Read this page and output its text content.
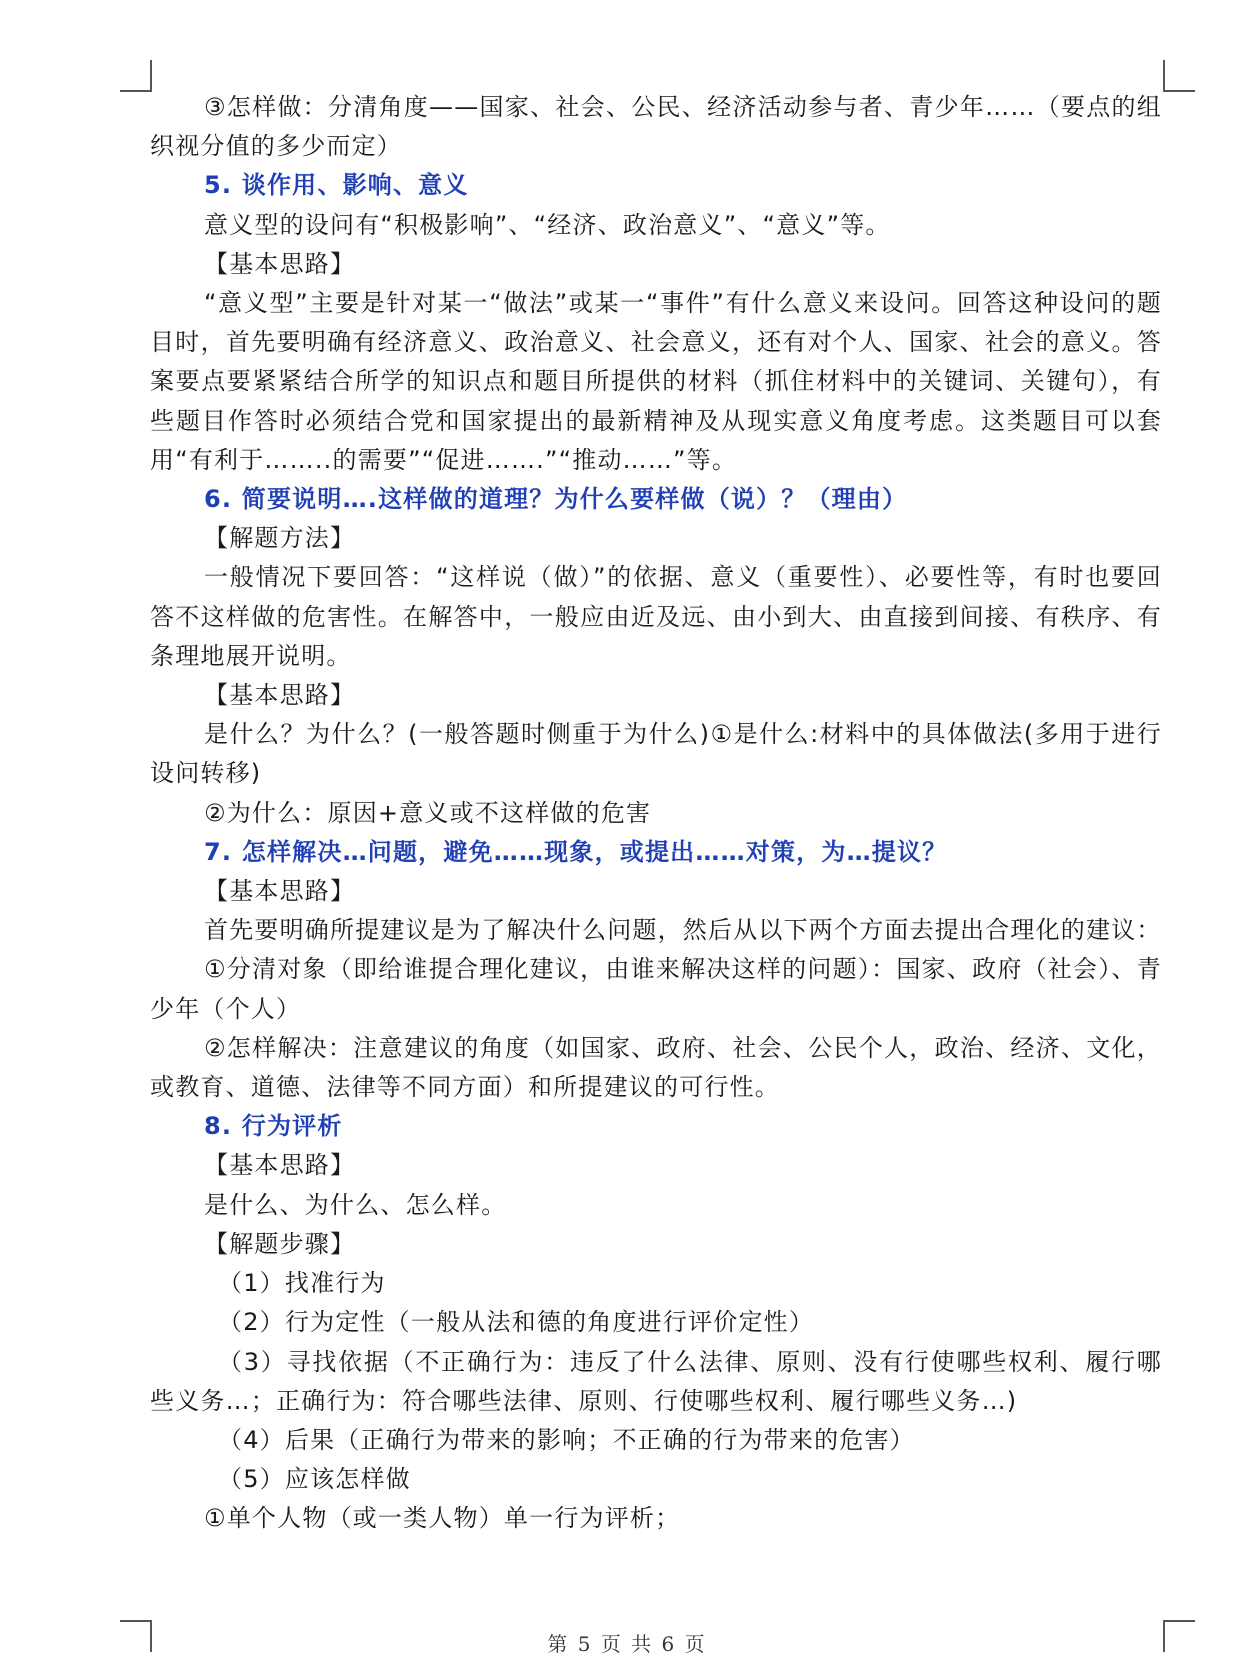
③怎样做：分清角度——国家、社会、公民、经济活动参与者、青少年……（要点的组织视分值的多少而定）

5. 谈作用、影响、意义

意义型的设问有“积极影响”、“经济、政治意义”、“意义”等。

【基本思路】

“意义型”主要是针对某一“做法”或某一“事件”有什么意义来设问。回答这种设问的题目时，首先要明确有经济意义、政治意义、社会意义，还有对个人、国家、社会的意义。答案要点要紧紧结合所学的知识点和题目所提供的材料（抓住材料中的关键词、关键句），有些题目作答时必须结合党和国家提出的最新精神及从现实意义角度考虑。这类题目可以套用“有利于……..的需要”“促进…….”“推动……”等。

6. 简要说明….这样做的道理？为什么要样做（说）？（理由）

【解题方法】

一般情况下要回答：“这样说（做）”的依据、意义（重要性）、必要性等，有时也要回答不这样做的危害性。在解答中，一般应由近及远、由小到大、由直接到间接、有秩序、有条理地展开说明。

【基本思路】

是什么？为什么？(一般答题时侧重于为什么)①是什么:材料中的具体做法(多用于进行设问转移)

②为什么：原因+意义或不这样做的危害

7. 怎样解决…问题，避免……现象，或提出……对策，为…提议？

【基本思路】

首先要明确所提建议是为了解决什么问题，然后从以下两个方面去提出合理化的建议：

①分清对象（即给谁提合理化建议，由谁来解决这样的问题）：国家、政府（社会）、青少年（个人）

②怎样解决：注意建议的角度（如国家、政府、社会、公民个人，政治、经济、文化，或教育、道德、法律等不同方面）和所提建议的可行性。

8. 行为评析

【基本思路】

是什么、为什么、怎么样。

【解题步骤】

（1）找准行为

（2）行为定性（一般从法和德的角度进行评价定性）

（3）寻找依据（不正确行为：违反了什么法律、原则、没有行使哪些权利、履行哪些义务…；正确行为：符合哪些法律、原则、行使哪些权利、履行哪些义务…)

（4）后果（正确行为带来的影响；不正确的行为带来的危害）

（5）应该怎样做

①单个人物（或一类人物）单一行为评析；

第 5 页 共 6 页
